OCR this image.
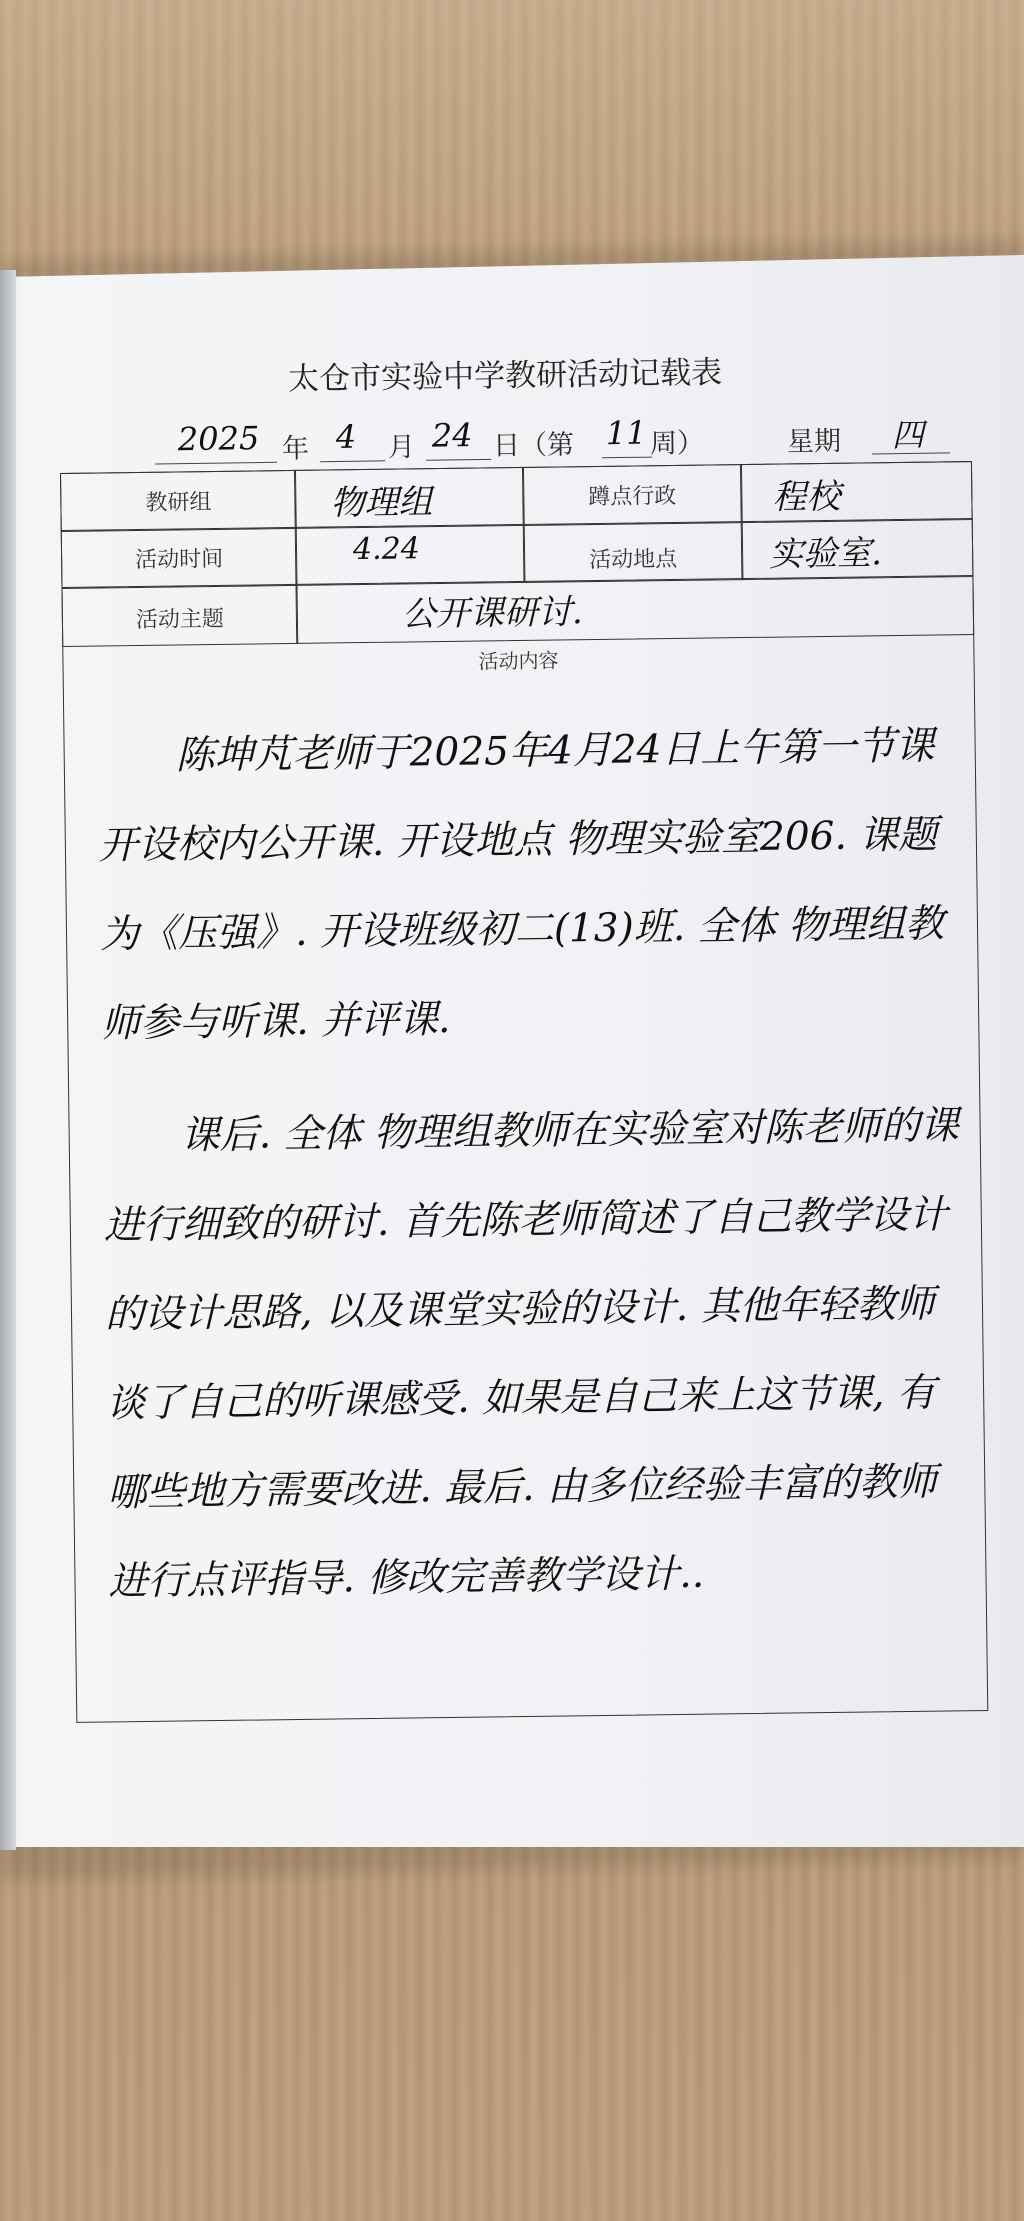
太仓市实验中学教研活动记载表
2025 年 4 月 24 日（第 11 周）	星期 四
教研组	物理组	蹲点行政	程校
活动时间	4.24	活动地点	实验室.
活动主题	公开课研讨.
活动内容
　　陈坤芃老师于2025年4月24日上午第一节课开设校内公开课. 开设地点 物理实验室206. 课题为《压强》. 开设班级初二(13)班. 全体 物理组教师参与听课. 并评课.
　　课后. 全体 物理组教师在实验室对陈老师的课进行细致的研讨. 首先陈老师简述了自己教学设计的设计思路, 以及课堂实验的设计. 其他年轻教师谈了自己的听课感受. 如果是自己来上这节课, 有哪些地方需要改进. 最后. 由多位经验丰富的教师进行点评指导. 修改完善教学设计..
